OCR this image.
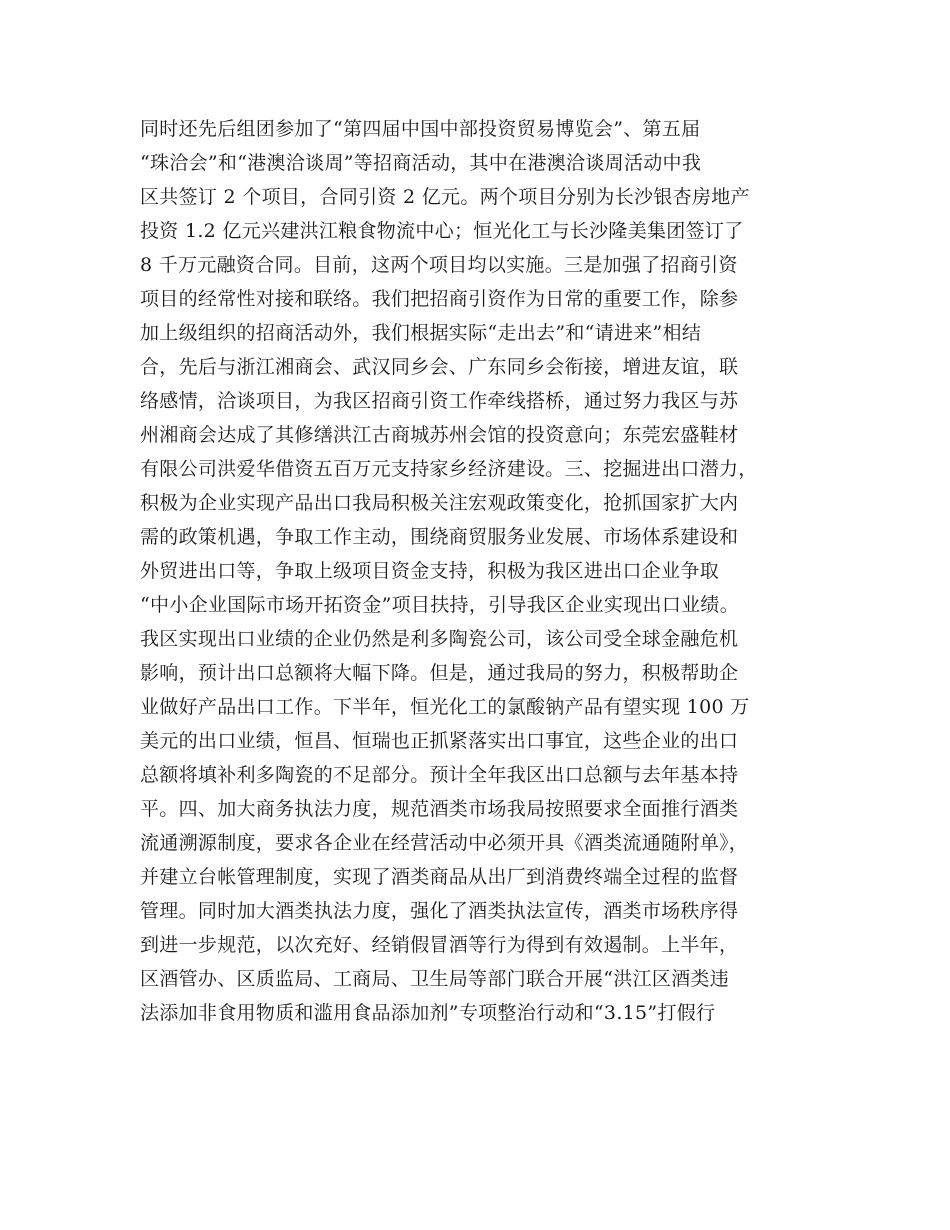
同时还先后组团参加了“第四届中国中部投资贸易博览会”、第五届
“珠洽会”和“港澳洽谈周”等招商活动，其中在港澳洽谈周活动中我
区共签订 2 个项目，合同引资 2 亿元。两个项目分别为长沙银杏房地产
投资 1.2 亿元兴建洪江粮食物流中心；恒光化工与长沙隆美集团签订了
8 千万元融资合同。目前，这两个项目均以实施。三是加强了招商引资
项目的经常性对接和联络。我们把招商引资作为日常的重要工作，除参
加上级组织的招商活动外，我们根据实际“走出去”和“请进来”相结
合，先后与浙江湘商会、武汉同乡会、广东同乡会衔接，增进友谊，联
络感情，洽谈项目，为我区招商引资工作牵线搭桥，通过努力我区与苏
州湘商会达成了其修缮洪江古商城苏州会馆的投资意向；东莞宏盛鞋材
有限公司洪爱华借资五百万元支持家乡经济建设。三、挖掘进出口潜力，
积极为企业实现产品出口我局积极关注宏观政策变化，抢抓国家扩大内
需的政策机遇，争取工作主动，围绕商贸服务业发展、市场体系建设和
外贸进出口等，争取上级项目资金支持，积极为我区进出口企业争取
“中小企业国际市场开拓资金”项目扶持，引导我区企业实现出口业绩。
我区实现出口业绩的企业仍然是利多陶瓷公司，该公司受全球金融危机
影响，预计出口总额将大幅下降。但是，通过我局的努力，积极帮助企
业做好产品出口工作。下半年，恒光化工的氯酸钠产品有望实现 100 万
美元的出口业绩，恒昌、恒瑞也正抓紧落实出口事宜，这些企业的出口
总额将填补利多陶瓷的不足部分。预计全年我区出口总额与去年基本持
平。四、加大商务执法力度，规范酒类市场我局按照要求全面推行酒类
流通溯源制度，要求各企业在经营活动中必须开具《酒类流通随附单》，
并建立台帐管理制度，实现了酒类商品从出厂到消费终端全过程的监督
管理。同时加大酒类执法力度，强化了酒类执法宣传，酒类市场秩序得
到进一步规范，以次充好、经销假冒酒等行为得到有效遏制。上半年，
区酒管办、区质监局、工商局、卫生局等部门联合开展“洪江区酒类违
法添加非食用物质和滥用食品添加剂”专项整治行动和“3.15”打假行
